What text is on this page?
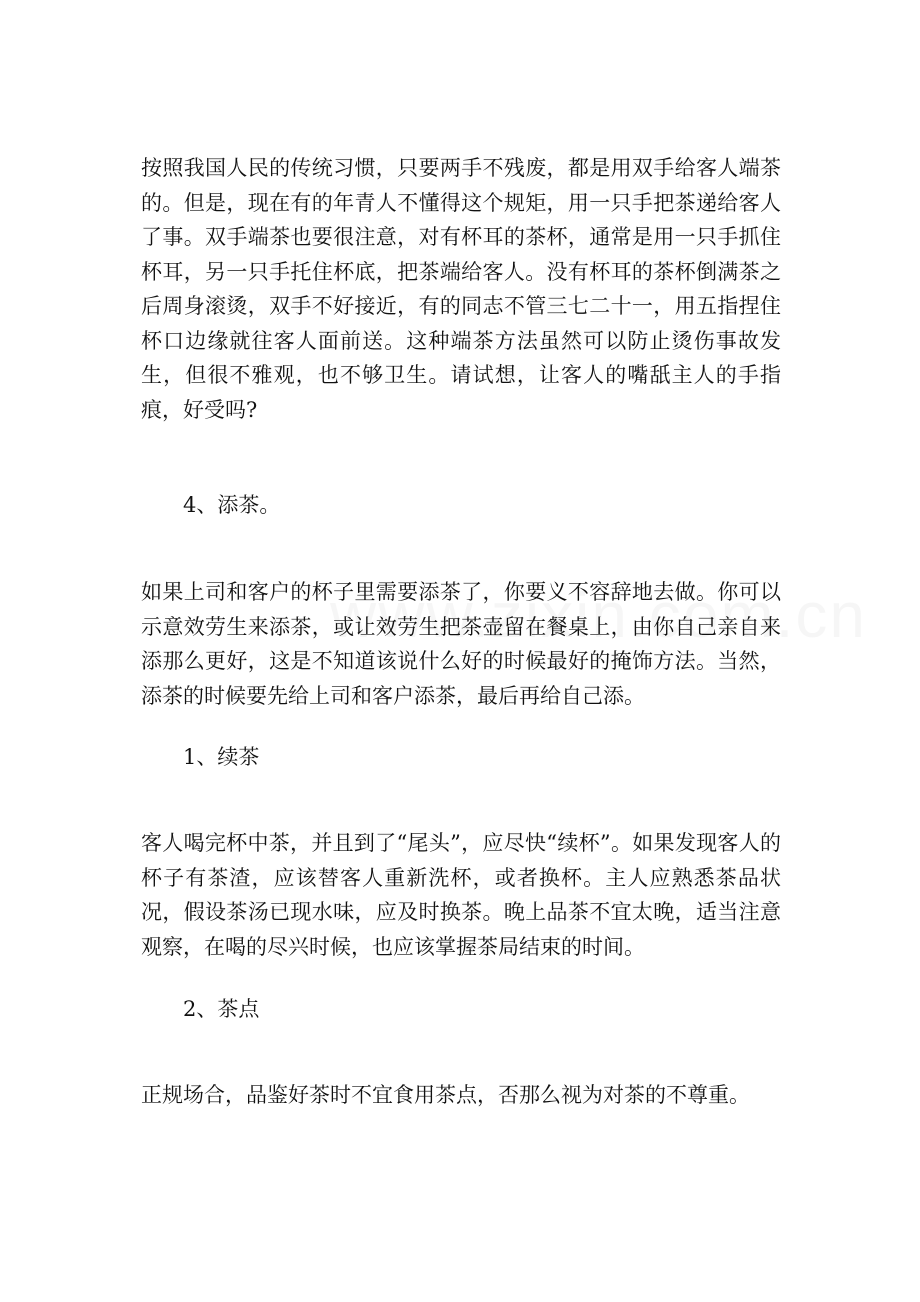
按照我国人民的传统习惯，只要两手不残废，都是用双手给客人端茶的。但是，现在有的年青人不懂得这个规矩，用一只手把茶递给客人了事。双手端茶也要很注意，对有杯耳的茶杯，通常是用一只手抓住杯耳，另一只手托住杯底，把茶端给客人。没有杯耳的茶杯倒满茶之后周身滚烫，双手不好接近，有的同志不管三七二十一，用五指捏住杯口边缘就往客人面前送。这种端茶方法虽然可以防止烫伤事故发生，但很不雅观，也不够卫生。请试想，让客人的嘴舐主人的手指痕，好受吗?
4、添茶。
如果上司和客户的杯子里需要添茶了，你要义不容辞地去做。你可以示意效劳生来添茶，或让效劳生把茶壶留在餐桌上，由你自己亲自来添那么更好，这是不知道该说什么好的时候最好的掩饰方法。当然，添茶的时候要先给上司和客户添茶，最后再给自己添。
1、续茶
客人喝完杯中茶，并且到了“尾头”，应尽快“续杯”。如果发现客人的杯子有茶渣，应该替客人重新洗杯，或者换杯。主人应熟悉茶品状况，假设茶汤已现水味，应及时换茶。晚上品茶不宜太晚，适当注意观察，在喝的尽兴时候，也应该掌握茶局结束的时间。
2、茶点
正规场合，品鉴好茶时不宜食用茶点，否那么视为对茶的不尊重。
